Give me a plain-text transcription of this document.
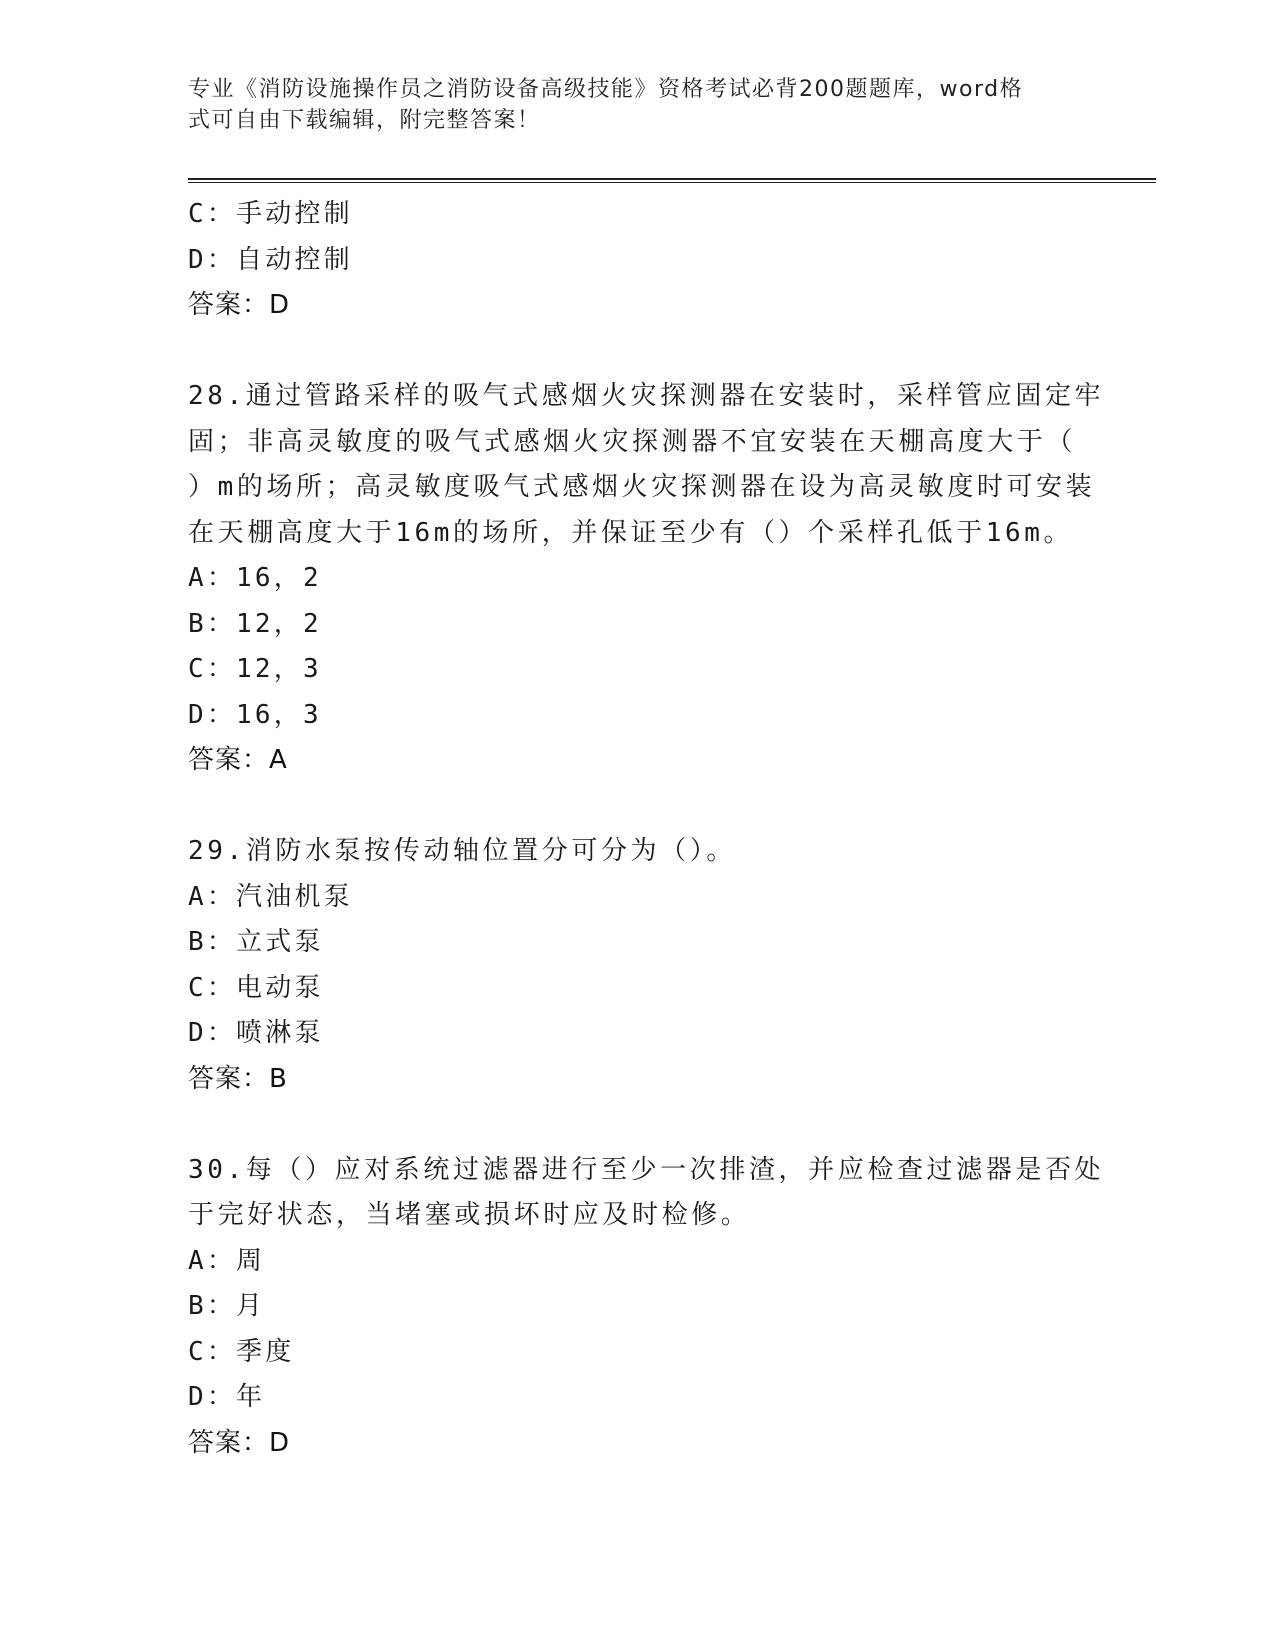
专业《消防设施操作员之消防设备高级技能》资格考试必背200题题库，word格
式可自由下载编辑，附完整答案！
C：手动控制
D：自动控制
答案：D
28.通过管路采样的吸气式感烟火灾探测器在安装时，采样管应固定牢
固；非高灵敏度的吸气式感烟火灾探测器不宜安装在天棚高度大于（
）m的场所；高灵敏度吸气式感烟火灾探测器在设为高灵敏度时可安装
在天棚高度大于16m的场所，并保证至少有（）个采样孔低于16m。
A：16，2
B：12，2
C：12，3
D：16，3
答案：A
29.消防水泵按传动轴位置分可分为（）。
A：汽油机泵
B：立式泵
C：电动泵
D：喷淋泵
答案：B
30.每（）应对系统过滤器进行至少一次排渣，并应检查过滤器是否处
于完好状态，当堵塞或损坏时应及时检修。
A：周
B：月
C：季度
D：年
答案：D
